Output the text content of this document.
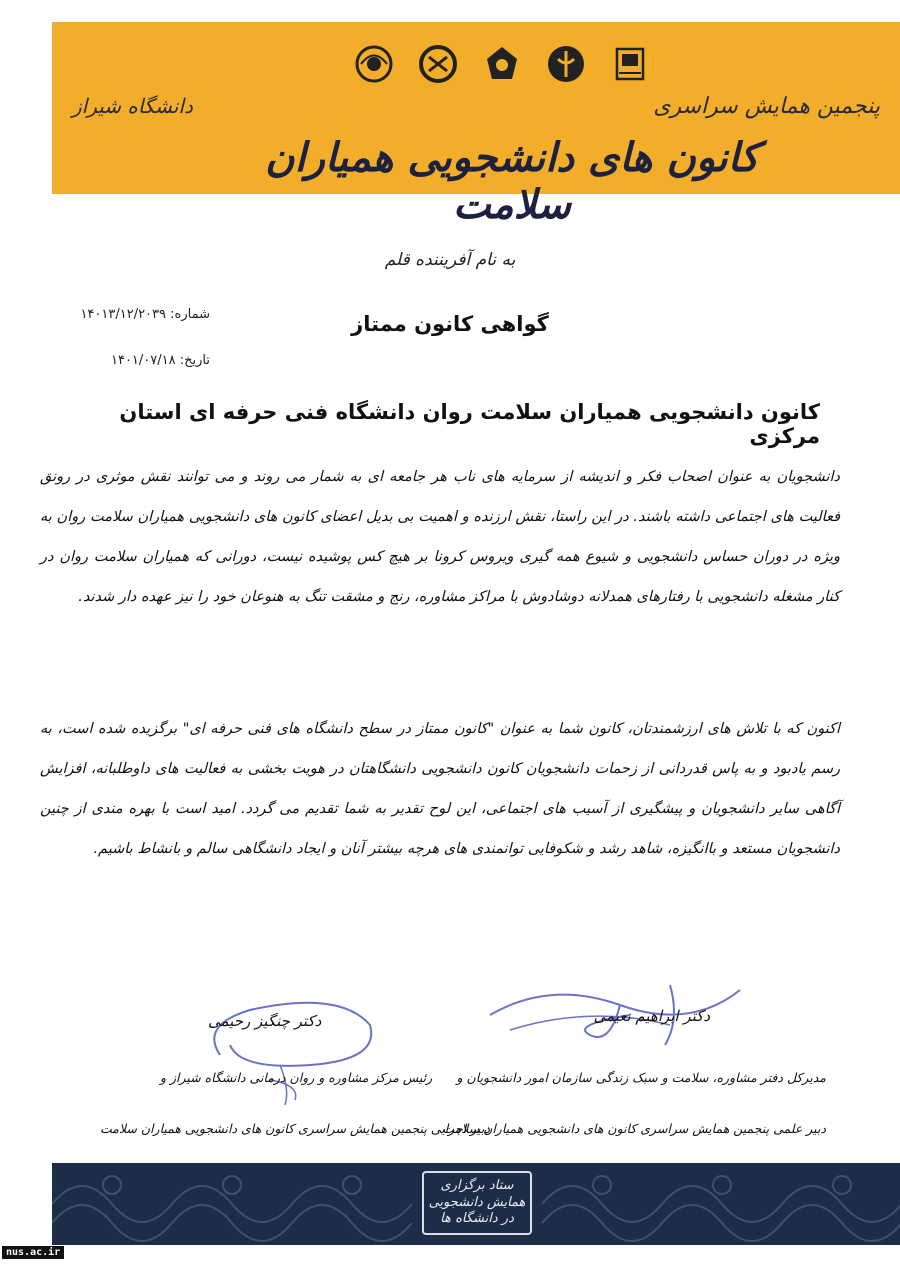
دانشگاه شیراز	پنجمین همایش سراسری
کانون های دانشجویی همیاران سلامت
به نام آفریننده قلم
شماره: ۱۴۰۱۳/۱۲/۲۰۳۹
تاریخ: ۱۴۰۱/۰۷/۱۸
گواهی کانون ممتاز
کانون دانشجویی همیاران سلامت روان دانشگاه فنی حرفه ای استان مرکزی
دانشجویان به عنوان اصحاب فکر و اندیشه از سرمایه های ناب هر جامعه ای به شمار می روند و می توانند نقش موثری در رونق فعالیت های اجتماعی داشته باشند. در این راستا، نقش ارزنده و اهمیت بی بدیل اعضای کانون های دانشجویی همیاران سلامت روان به ویژه در دوران حساس دانشجویی و شیوع همه گیری ویروس کرونا بر هیچ کس پوشیده نیست، دورانی که همیاران سلامت روان در کنار مشغله دانشجویی با رفتارهای همدلانه دوشادوش با مراکز مشاوره، رنج و مشقت تنگ به هنوعان خود را نیز عهده دار شدند.
اکنون که با تلاش های ارزشمندتان، کانون شما به عنوان "کانون ممتاز در سطح دانشگاه های فنی حرفه ای" برگزیده شده است، به رسم یادبود و به پاس قدردانی از زحمات دانشجویان کانون دانشجویی دانشگاهتان در هویت بخشی به فعالیت های داوطلبانه، افزایش آگاهی سایر دانشجویان و پیشگیری از آسیب های اجتماعی، این لوح تقدیر به شما تقدیم می گردد. امید است با بهره مندی از چنین دانشجویان مستعد و باانگیزه، شاهد رشد و شکوفایی توانمندی های هرچه بیشتر آنان و ایجاد دانشگاهی سالم و بانشاط باشیم.
دکتر ابراهیم نعیمی
مدیرکل دفتر مشاوره، سلامت و سبک زندگی سازمان امور دانشجویان و
دبیر علمی پنجمین همایش سراسری کانون های دانشجویی همیاران سلامت
دکتر چنگیز رحیمی
رئیس مرکز مشاوره و روان درمانی دانشگاه شیراز و
دبیر اجرایی پنجمین همایش سراسری کانون های دانشجویی همیاران سلامت
ستاد برگزاری همایش دانشجویی در دانشگاه ها
nus.ac.ir
